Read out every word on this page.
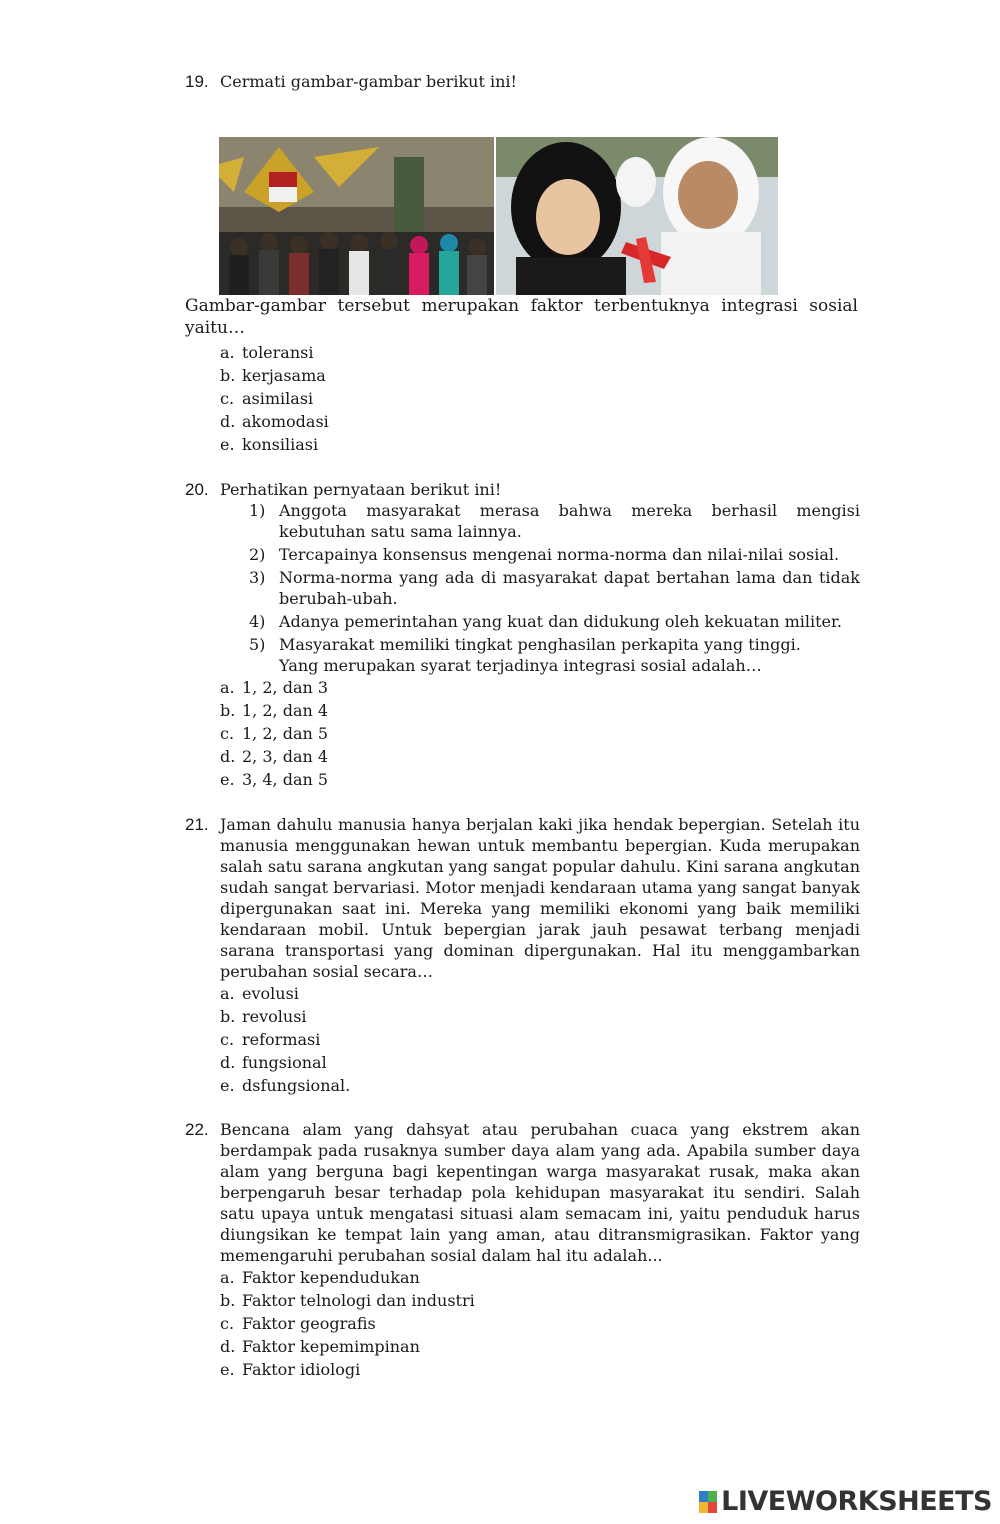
19. Cermati gambar-gambar berikut ini!
Gambar-gambar tersebut merupakan faktor terbentuknya integrasi sosial yaitu…
a. toleransi
b. kerjasama
c. asimilasi
d. akomodasi
e. konsiliasi
20. Perhatikan pernyataan berikut ini!
1) Anggota masyarakat merasa bahwa mereka berhasil mengisi kebutuhan satu sama lainnya.
2) Tercapainya konsensus mengenai norma-norma dan nilai-nilai sosial.
3) Norma-norma yang ada di masyarakat dapat bertahan lama dan tidak berubah-ubah.
4) Adanya pemerintahan yang kuat dan didukung oleh kekuatan militer.
5) Masyarakat memiliki tingkat penghasilan perkapita yang tinggi.
Yang merupakan syarat terjadinya integrasi sosial adalah…
a. 1, 2, dan 3
b. 1, 2, dan 4
c. 1, 2, dan 5
d. 2, 3, dan 4
e. 3, 4, dan 5
21. Jaman dahulu manusia hanya berjalan kaki jika hendak bepergian. Setelah itu manusia menggunakan hewan untuk membantu bepergian. Kuda merupakan salah satu sarana angkutan yang sangat popular dahulu. Kini sarana angkutan sudah sangat bervariasi. Motor menjadi kendaraan utama yang sangat banyak dipergunakan saat ini. Mereka yang memiliki ekonomi yang baik memiliki kendaraan mobil. Untuk bepergian jarak jauh pesawat terbang menjadi sarana transportasi yang dominan dipergunakan. Hal itu menggambarkan perubahan sosial secara…
a. evolusi
b. revolusi
c. reformasi
d. fungsional
e. dsfungsional.
22. Bencana alam yang dahsyat atau perubahan cuaca yang ekstrem akan berdampak pada rusaknya sumber daya alam yang ada. Apabila sumber daya alam yang berguna bagi kepentingan warga masyarakat rusak, maka akan berpengaruh besar terhadap pola kehidupan masyarakat itu sendiri. Salah satu upaya untuk mengatasi situasi alam semacam ini, yaitu penduduk harus diungsikan ke tempat lain yang aman, atau ditransmigrasikan. Faktor yang memengaruhi perubahan sosial dalam hal itu adalah...
a. Faktor kependudukan
b. Faktor telnologi dan industri
c. Faktor geografis
d. Faktor kepemimpinan
e. Faktor idiologi
LIVEWORKSHEETS
